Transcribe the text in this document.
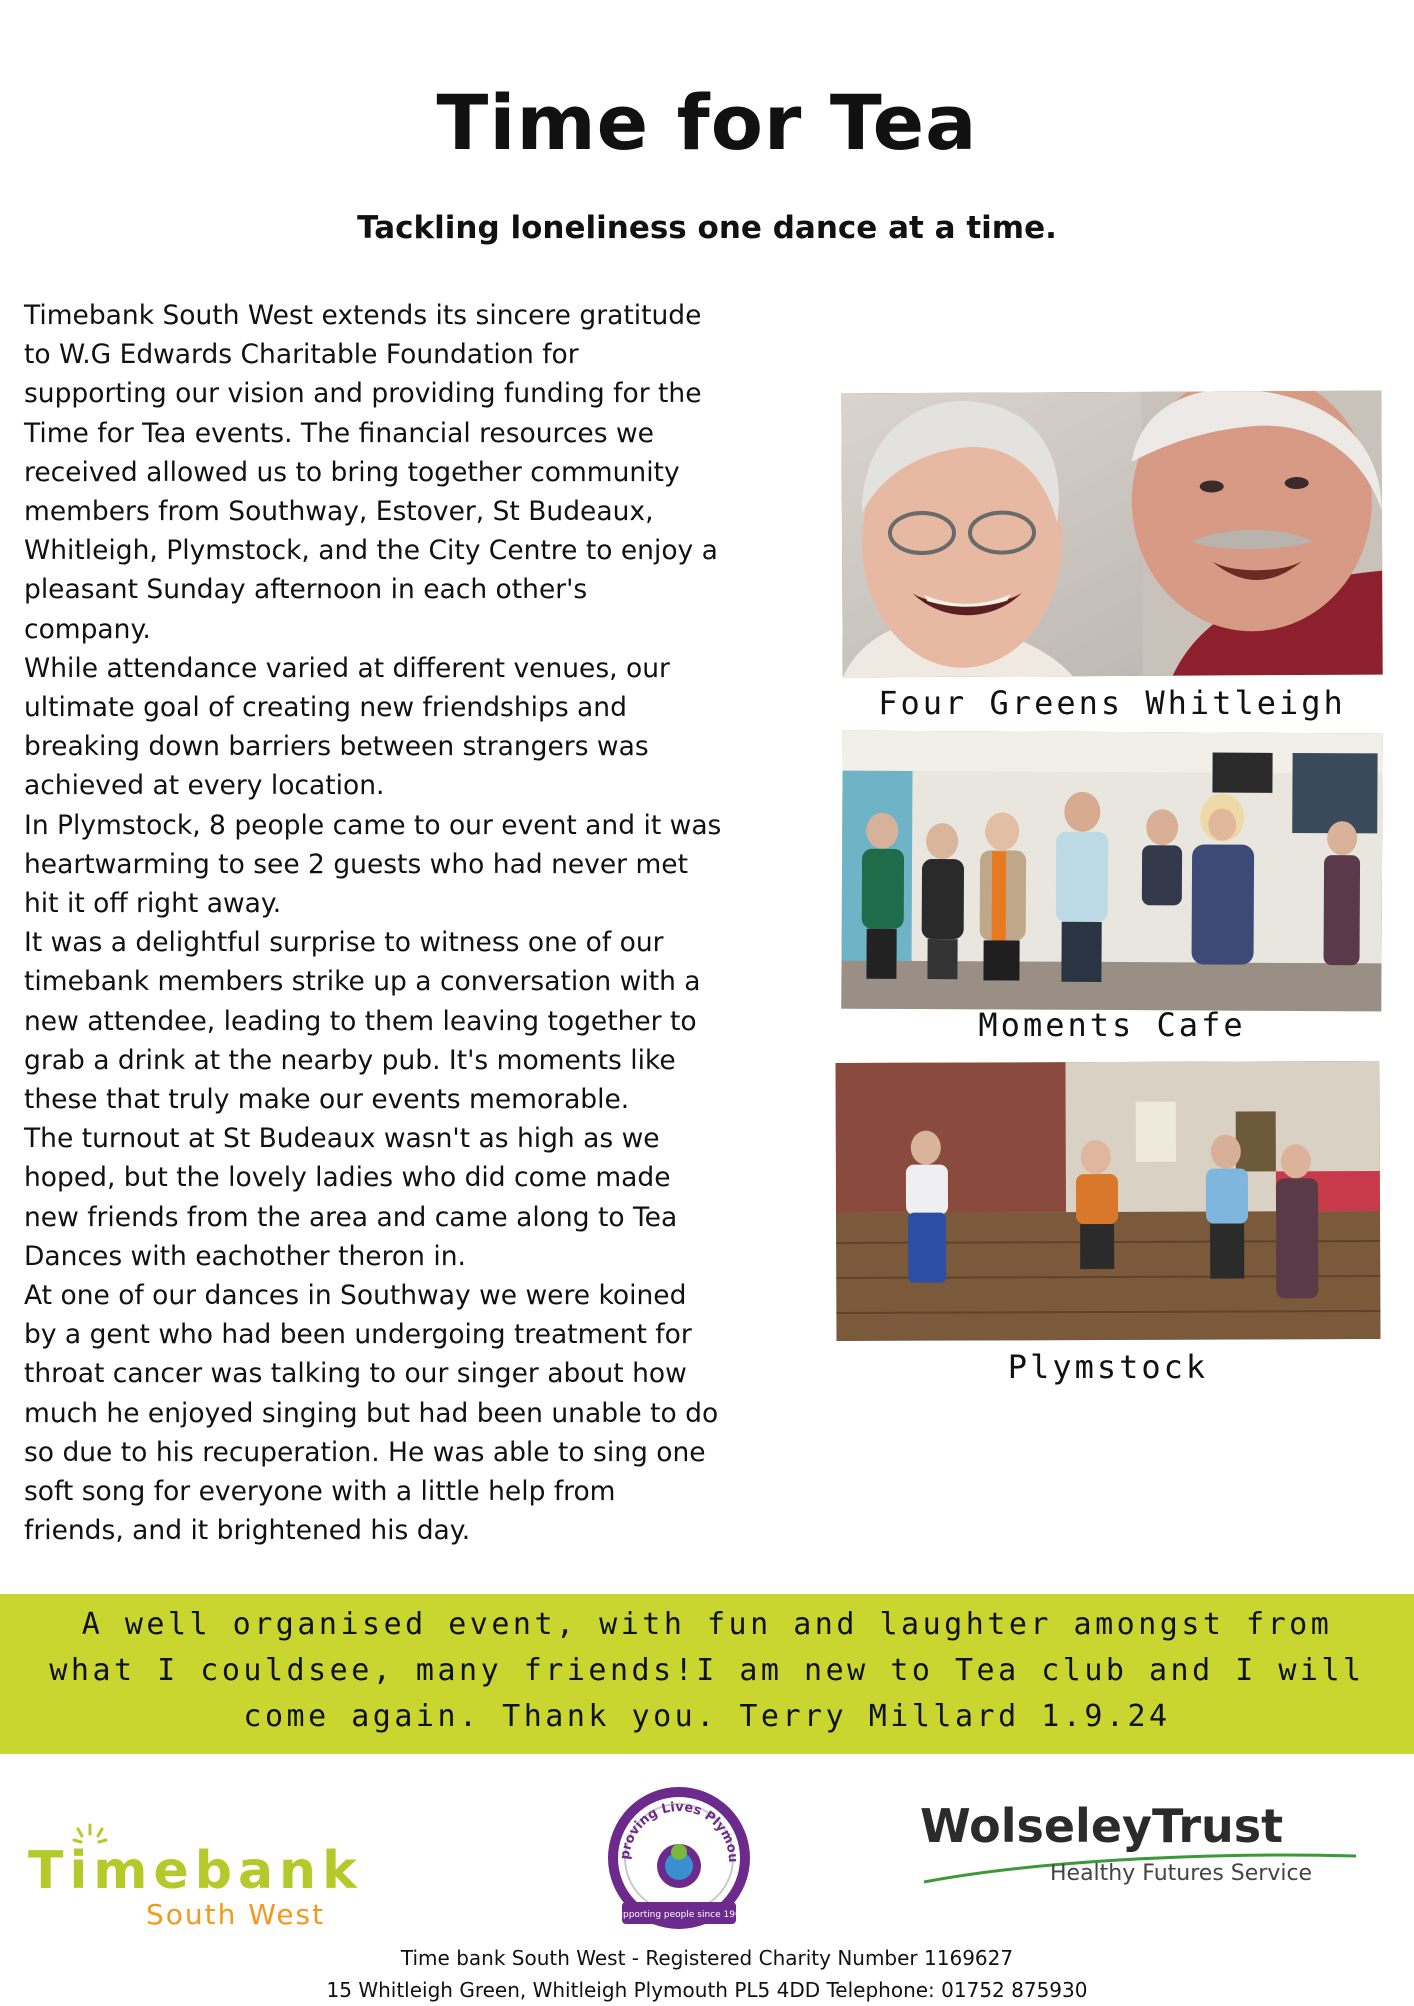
Time for Tea
Tackling loneliness one dance at a time.

Timebank South West extends its sincere gratitude

to W.G Edwards Charitable Foundation for

supporting our vision and providing funding for the

Time for Tea events. The financial resources we

received allowed us to bring together community

members from Southway, Estover, St Budeaux,

Whitleigh, Plymstock, and the City Centre to enjoy a

pleasant Sunday afternoon in each other's

company.

While attendance varied at different venues, our

ultimate goal of creating new friendships and

breaking down barriers between strangers was

achieved at every location.

In Plymstock, 8 people came to our event and it was

heartwarming to see 2 guests who had never met

hit it off right away.

It was a delightful surprise to witness one of our

timebank members strike up a conversation with a

new attendee, leading to them leaving together to

grab a drink at the nearby pub. It's moments like

these that truly make our events memorable.

The turnout at St Budeaux wasn't as high as we

hoped, but the lovely ladies who did come made

new friends from the area and came along to Tea

Dances with eachother theron in.

At one of our dances in Southway we were koined

by a gent who had been undergoing treatment for

throat cancer was talking to our singer about how

much he enjoyed singing but had been unable to do

so due to his recuperation. He was able to sing one

soft song for everyone with a little help from

friends, and it brightened his day.

Four Greens Whitleigh
Moments Cafe
Plymstock

A well organised event, with fun and laughter amongst from

what I couldsee, many friends!I am new to Tea club and I will

come again. Thank you. Terry Millard 1.9.24

Timebank
South West
proving Lives Plymou
Supporting people since 1907
WolseleyTrust
Healthy Futures Service
Time bank South West - Registered Charity Number 1169627
15 Whitleigh Green, Whitleigh Plymouth PL5 4DD Telephone: 01752 875930
